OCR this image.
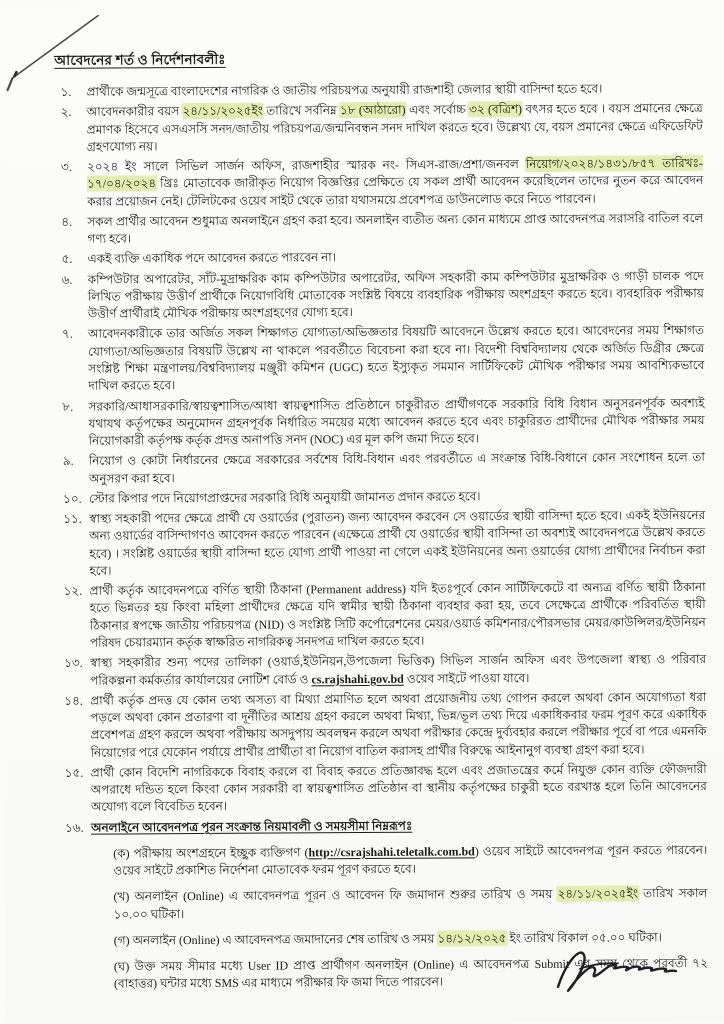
আবেদনের শর্ত ও নির্দেশনাবলীঃ
১.	প্রার্থীকে জন্মসূত্রে বাংলাদেশের নাগরিক ও জাতীয় পরিচয়পত্র অনুযায়ী রাজশাহী জেলার স্থায়ী বাসিন্দা হতে হবে।
২.	আবেদনকারীর বয়স ২৪/১১/২০২৫ইং তারিখে সর্বনিম্ন ১৮ (আঠারো) এবং সর্বোচ্চ ৩২ (বত্রিশ) বৎসর হতে হবে । বয়স প্রমানের ক্ষেত্রে প্রমাণক হিসেবে এসএসসি সনদ/জাতীয় পরিচয়পত্র/জন্মনিবন্ধন সনদ দাখিল করতে হবে। উল্লেখ্য যে, বয়স প্রমানের ক্ষেত্রে এফিডেফিট গ্রহণযোগ্য নয়।
৩.	২০২৪ ইং সালে সিভিল সার্জন অফিস, রাজশাহীর স্মারক নং- সিএস-রাজ/প্রশা/জনবল নিয়োগ/২০২৪/১৪৩১/৮৫৭ তারিখঃ- ১৭/০৪/২০২৪ খ্রিঃ মোতাবেক জারীকৃত নিয়োগ বিজ্ঞপ্তির প্রেক্ষিতে যে সকল প্রার্থী আবেদন করেছিলেন তাদের নুতন করে আবেদন করার প্রয়োজন নেই। টেলিটকের ওয়েব সাইট থেকে তারা যথাসময়ে প্রবেশপত্র ডাউনলোড করে নিতে পারবেন।
৪.	সকল প্রার্থীর আবেদন শুধুমাত্র অনলাইনে গ্রহণ করা হবে। অনলাইন ব্যতীত অন্য কোন মাধ্যমে প্রাপ্ত আবেদনপত্র সরাসরি বাতিল বলে গণ্য হবে।
৫.	একই ব্যক্তি একাধিক পদে আবেদন করতে পারবেন না।
৬.	কম্পিউটার অপারেটর, সাঁট-মুদ্রাক্ষরিক কাম কম্পিউটার অপারেটর, অফিস সহকারী কাম কম্পিউটার মুদ্রাক্ষরিক ও গাড়ী চালক পদে লিখিত পরীক্ষায় উত্তীর্ণ প্রার্থীকে নিয়োগবিধি মোতাবেক সংশ্লিষ্ট বিষয়ে ব্যবহারিক পরীক্ষায় অংশগ্রহণ করতে হবে। ব্যবহারিক পরীক্ষায় উত্তীর্ণ প্রার্থীরাই মৌখিক পরীক্ষায় অংশগ্রহণের যোগ্য হবে।
৭.	আবেদনকারীকে তার অর্জিত সকল শিক্ষাগত যোগ্যতা/অভিজ্ঞতার বিষয়টি আবেদনে উল্লেখ করতে হবে। আবেদনের সময় শিক্ষাগত যোগ্যতা/অভিজ্ঞতার বিষয়টি উল্লেখ না থাকলে পরবর্তীতে বিবেচনা করা হবে না। বিদেশী বিশ্ববিদ্যালয় থেকে অর্জিত ডিগ্রীর ক্ষেত্রে সংশ্লিষ্ট শিক্ষা মন্ত্রণালয়/বিশ্ববিদ্যালয় মঞ্জুরী কমিশন (UGC) হতে ইস্যুকৃত সমমান সার্টিফিকেট মৌখিক পরীক্ষার সময় আবশ্যিকভাবে দাখিল করতে হবে।
৮.	সরকারি/আধাসরকারি/স্বায়ত্বশাসিত/আধা স্বায়ত্বশাসিত প্রতিষ্ঠানে চাকুরীরত প্রার্থীগণকে সরকারি বিধি বিধান অনুসরনপূর্বক অবশ্যই যথাযথ কর্তৃপক্ষের অনুমোদন গ্রহনপূর্বক নির্ধারিত সময়ের মধ্যে আবেদন করতে হবে এবং চাকুরিরত প্রার্থীদের মৌখিক পরীক্ষার সময় নিয়োগকারী কর্তৃপক্ষ কর্তৃক প্রদত্ত অনাপত্তি সনদ (NOC) এর মূল কপি জমা দিতে হবে।
৯.	নিয়োগ ও কোটা নির্ধারনের ক্ষেত্রে সরকারের সর্বশেষ বিধি-বিধান এবং পরবর্তীতে এ সংক্রান্ত বিধি-বিধানে কোন সংশোধন হলে তা অনুসরণ করা হবে।
১০. স্টোর কিপার পদে নিয়োগপ্রাপ্তদের সরকারি বিধি অনুযায়ী জামানত প্রদান করতে হবে।
১১. স্বাস্থ্য সহকারী পদের ক্ষেত্রে প্রার্থী যে ওয়ার্ডের (পুরাতন) জন্য আবেদন করবেন সে ওয়ার্ডের স্থায়ী বাসিন্দা হতে হবে। একই ইউনিয়নের অন্য ওয়ার্ডের বাসিন্দাগণও আবেদন করতে পারবেন (এক্ষেত্রে প্রার্থী যে ওয়ার্ডের স্থায়ী বাসিন্দা তা অবশ্যই আবেদনপত্রে উল্লেখ করতে হবে) । সংশ্লিষ্ট ওয়ার্ডের স্থায়ী বাসিন্দা হতে যোগ্য প্রার্থী পাওয়া না গেলে একই ইউনিয়নের অন্য ওয়ার্ডের যোগ্য প্রার্থীদের নির্বাচন করা হবে।
১২. প্রার্থী কর্তৃক আবেদনপত্রে বর্ণিত স্থায়ী ঠিকানা (Permanent address) যদি ইতঃপূর্বে কোন সার্টিফিকেটে বা অন্যত্র বর্ণিত স্থায়ী ঠিকানা হতে ভিন্নতর হয় কিংবা মহিলা প্রার্থীদের ক্ষেত্রে যদি স্বামীর স্থায়ী ঠিকানা ব্যবহার করা হয়, তবে সেক্ষেত্রে প্রার্থীকে পরিবর্তিত স্থায়ী ঠিকানার স্বপক্ষে জাতীয় পরিচয়পত্র (NID) ও সংশ্লিষ্ট সিটি কর্পোরেশনের মেয়র/ওয়ার্ড কমিশনার/পৌরসভার মেয়র/কাউন্সিলর/ইউনিয়ন পরিষদ চেয়ারম্যান কর্তৃক স্বাক্ষরিত নাগরিকত্ব সনদপত্র দাখিল করতে হবে।
১৩. স্বাস্থ্য সহকারীর শুন্য পদের তালিকা (ওয়ার্ড,ইউনিয়ন,উপজেলা ভিত্তিক) সিভিল সার্জন অফিস এবং উপজেলা স্বাস্থ্য ও পরিবার পরিকল্পনা কর্মকর্তার কার্যালয়ের নোটিশ বোর্ড ও cs.rajshahi.gov.bd ওয়েব সাইটে পাওয়া যাবে।
১৪. প্রার্থী কর্তৃক প্রদত্ত যে কোন তথ্য অসত্য বা মিথ্যা প্রমাণিত হলে অথবা প্রয়োজনীয় তথ্য গোপন করলে অথবা কোন অযোগ্যতা ধরা পড়লে অথবা কোন প্রতারণা বা দূর্নীতির আশ্রয় গ্রহণ করলে অথবা মিথ্যা, ভিন্ন/ভূল তথ্য দিয়ে একাধিকবার ফরম পূরণ করে একাধিক প্রবেশপত্র গ্রহণ করলে অথবা পরীক্ষায় অসদুপায় অবলম্বন করলে অথবা পরীক্ষার কেন্দ্রে দুর্ব্যবহার করলে পরীক্ষার পূর্বে বা পরে এমনকি নিয়োগের পরে যেকোন পর্যায়ে প্রার্থীর প্রার্থীতা বা নিয়োগ বাতিল করাসহ প্রার্থীর বিরুদ্ধে আইনানুগ ব্যবস্থা গ্রহণ করা হবে।
১৫. প্রার্থী কোন বিদেশি নাগরিককে বিবাহ করলে বা বিবাহ করতে প্রতিজ্ঞাবদ্ধ হলে এবং প্রজাতন্ত্রের কর্মে নিযুক্ত কোন ব্যক্তি ফৌজদারী অপরাধে দন্ডিত হলে কিংবা কোন সরকারী বা স্বায়ত্বশাসিত প্রতিষ্ঠান বা স্থানীয় কর্তৃপক্ষের চাকুরী হতে বরখাস্ত হলে তিনি আবেদনের অযোগ্য বলে বিবেচিত হবেন।
১৬. অনলাইনে আবেদনপত্র পূরন সংক্রান্ত নিয়মাবলী ও সময়সীমা নিম্নরূপঃ
(ক) পরীক্ষায় অংশগ্রহনে ইচ্ছুক ব্যক্তিগণ (http://csrajshahi.teletalk.com.bd) ওয়েব সাইটে আবেদনপত্র পূরন করতে পারবেন। ওয়েব সাইটে প্রকাশিত নির্দেশনা মোতাবেক ফরম পূরণ করতে হবে।
(খ) অনলাইন (Online) এ আবেদনপত্র পূরন ও আবেদন ফি জমাদান শুরুর তারিখ ও সময় ২৪/১১/২০২৫ইং তারিখ সকাল ১০.০০ ঘটিকা।
(গ) অনলাইন (Online) এ আবেদনপত্র জমাদানের শেষ তারিখ ও সময় ১৪/১২/২০২৫ ইং তারিখ বিকাল ০৫.০০ ঘটিকা।
(ঘ) উক্ত সময় সীমার মধ্যে User ID প্রাপ্ত প্রার্থীগণ অনলাইন (Online) এ আবেদনপত্র Submit এর সময় থেকে পরবর্তী ৭২ (বাহাত্তর) ঘন্টার মধ্যে SMS এর মাধ্যমে পরীক্ষার ফি জমা দিতে পারবেন।
